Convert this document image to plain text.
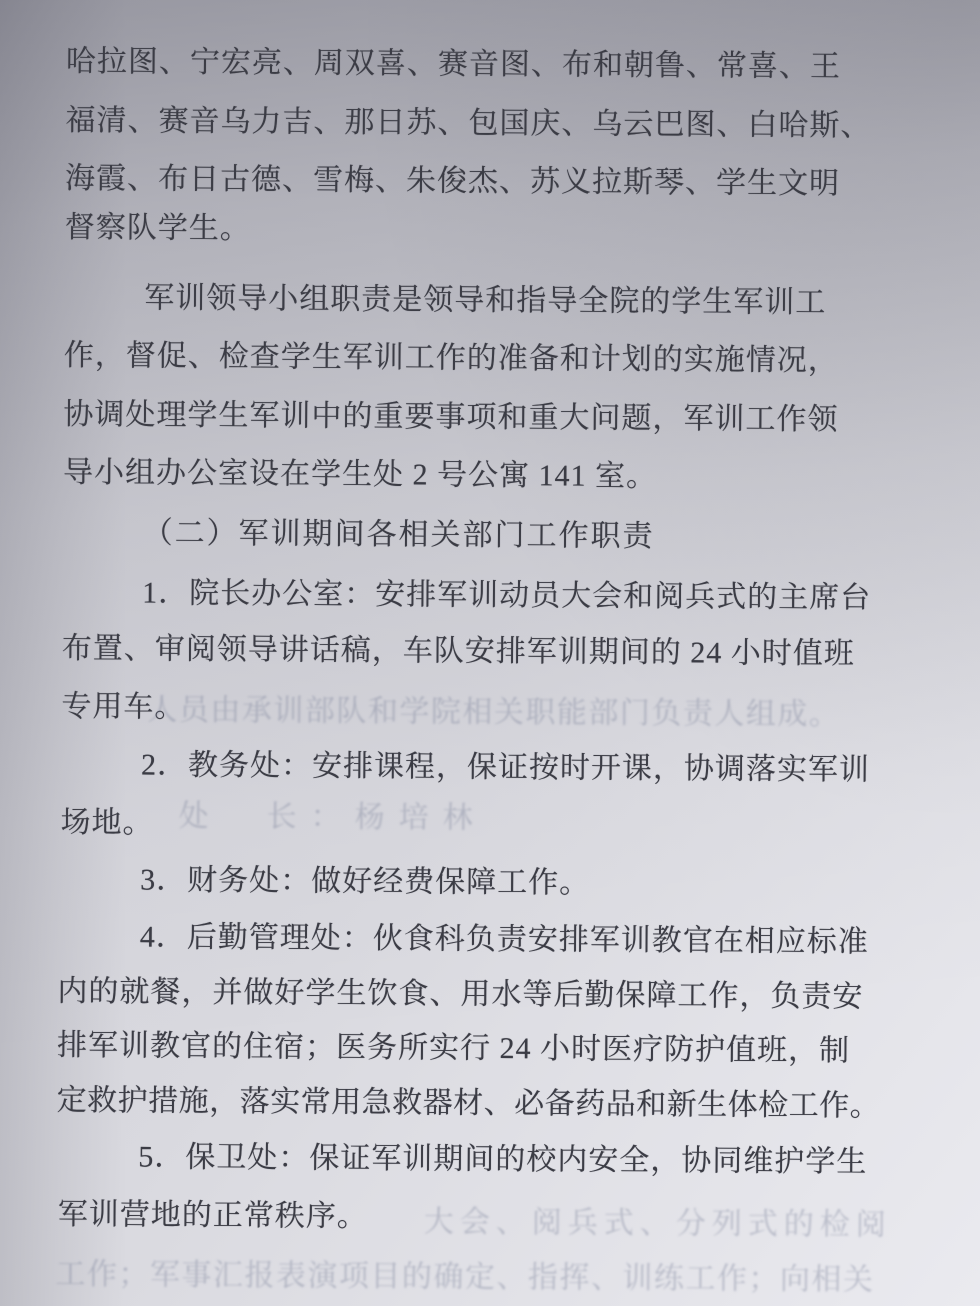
哈拉图、宁宏亮、周双喜、赛音图、布和朝鲁、常喜、王
福清、赛音乌力吉、那日苏、包国庆、乌云巴图、白哈斯、
海霞、布日古德、雪梅、朱俊杰、苏义拉斯琴、学生文明
督察队学生。
军训领导小组职责是领导和指导全院的学生军训工
作，督促、检查学生军训工作的准备和计划的实施情况，
协调处理学生军训中的重要事项和重大问题，军训工作领
导小组办公室设在学生处 2 号公寓 141 室。
（二）军训期间各相关部门工作职责
1．院长办公室：安排军训动员大会和阅兵式的主席台
布置、审阅领导讲话稿，车队安排军训期间的 24 小时值班
专用车。
2．教务处：安排课程，保证按时开课，协调落实军训
场地。
3．财务处：做好经费保障工作。
4．后勤管理处：伙食科负责安排军训教官在相应标准
内的就餐，并做好学生饮食、用水等后勤保障工作，负责安
排军训教官的住宿；医务所实行 24 小时医疗防护值班，制
定救护措施，落实常用急救器材、必备药品和新生体检工作。
5．保卫处：保证军训期间的校内安全，协同维护学生
军训营地的正常秩序。
人员由承训部队和学院相关职能部门负责人组成。
处　长：杨培林
大会、阅兵式、分列式的检阅
工作；军事汇报表演项目的确定、指挥、训练工作；向相关
